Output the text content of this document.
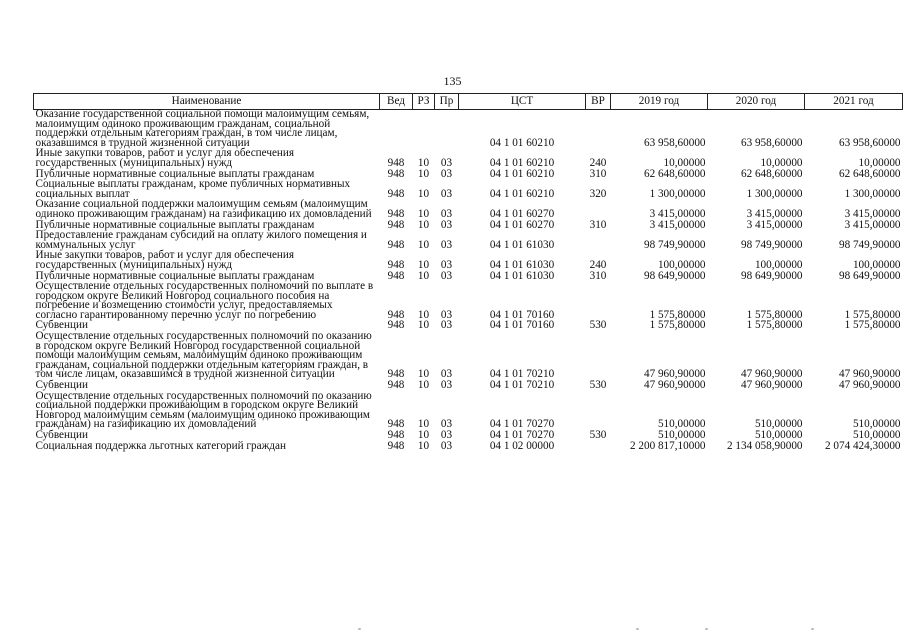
135
Наименование	Вед	РЗ	Пр	ЦСТ	ВР	2019 год	2020 год	2021 год
Оказание государственной социальной помощи малоимущим семьям, малоимущим одиноко проживающим гражданам, социальной поддержки отдельным категориям граждан, в том числе лицам, оказавшимся в трудной жизненной ситуации				04 1 01 60210		63 958,60000	63 958,60000	63 958,60000
Иные закупки товаров, работ и услуг для обеспечения государственных (муниципальных) нужд	948	10	03	04 1 01 60210	240	10,00000	10,00000	10,00000
Публичные нормативные социальные выплаты гражданам	948	10	03	04 1 01 60210	310	62 648,60000	62 648,60000	62 648,60000
Социальные выплаты гражданам, кроме публичных нормативных социальных выплат	948	10	03	04 1 01 60210	320	1 300,00000	1 300,00000	1 300,00000
Оказание социальной поддержки малоимущим семьям (малоимущим одиноко проживающим гражданам) на газификацию их домовладений	948	10	03	04 1 01 60270		3 415,00000	3 415,00000	3 415,00000
Публичные нормативные социальные выплаты гражданам	948	10	03	04 1 01 60270	310	3 415,00000	3 415,00000	3 415,00000
Предоставление гражданам субсидий на оплату жилого помещения и коммунальных услуг	948	10	03	04 1 01 61030		98 749,90000	98 749,90000	98 749,90000
Иные закупки товаров, работ и услуг для обеспечения государственных (муниципальных) нужд	948	10	03	04 1 01 61030	240	100,00000	100,00000	100,00000
Публичные нормативные социальные выплаты гражданам	948	10	03	04 1 01 61030	310	98 649,90000	98 649,90000	98 649,90000
Осуществление отдельных государственных полномочий по выплате в городском округе Великий Новгород социального пособия на погребение и возмещению стоимости услуг, предоставляемых согласно гарантированному перечню услуг по погребению	948	10	03	04 1 01 70160		1 575,80000	1 575,80000	1 575,80000
Субвенции	948	10	03	04 1 01 70160	530	1 575,80000	1 575,80000	1 575,80000
Осуществление отдельных государственных полномочий по оказанию в городском округе Великий Новгород государственной социальной помощи малоимущим семьям, малоимущим одиноко проживающим гражданам, социальной поддержки отдельным категориям граждан, в том числе лицам, оказавшимся в трудной жизненной ситуации	948	10	03	04 1 01 70210		47 960,90000	47 960,90000	47 960,90000
Субвенции	948	10	03	04 1 01 70210	530	47 960,90000	47 960,90000	47 960,90000
Осуществление отдельных государственных полномочий по оказанию социальной поддержки проживающим в городском округе Великий Новгород малоимущим семьям (малоимущим одиноко проживающим гражданам) на газификацию их домовладений	948	10	03	04 1 01 70270		510,00000	510,00000	510,00000
Субвенции	948	10	03	04 1 01 70270	530	510,00000	510,00000	510,00000
Социальная поддержка льготных категорий граждан	948	10	03	04 1 02 00000		2 200 817,10000	2 134 058,90000	2 074 424,30000
